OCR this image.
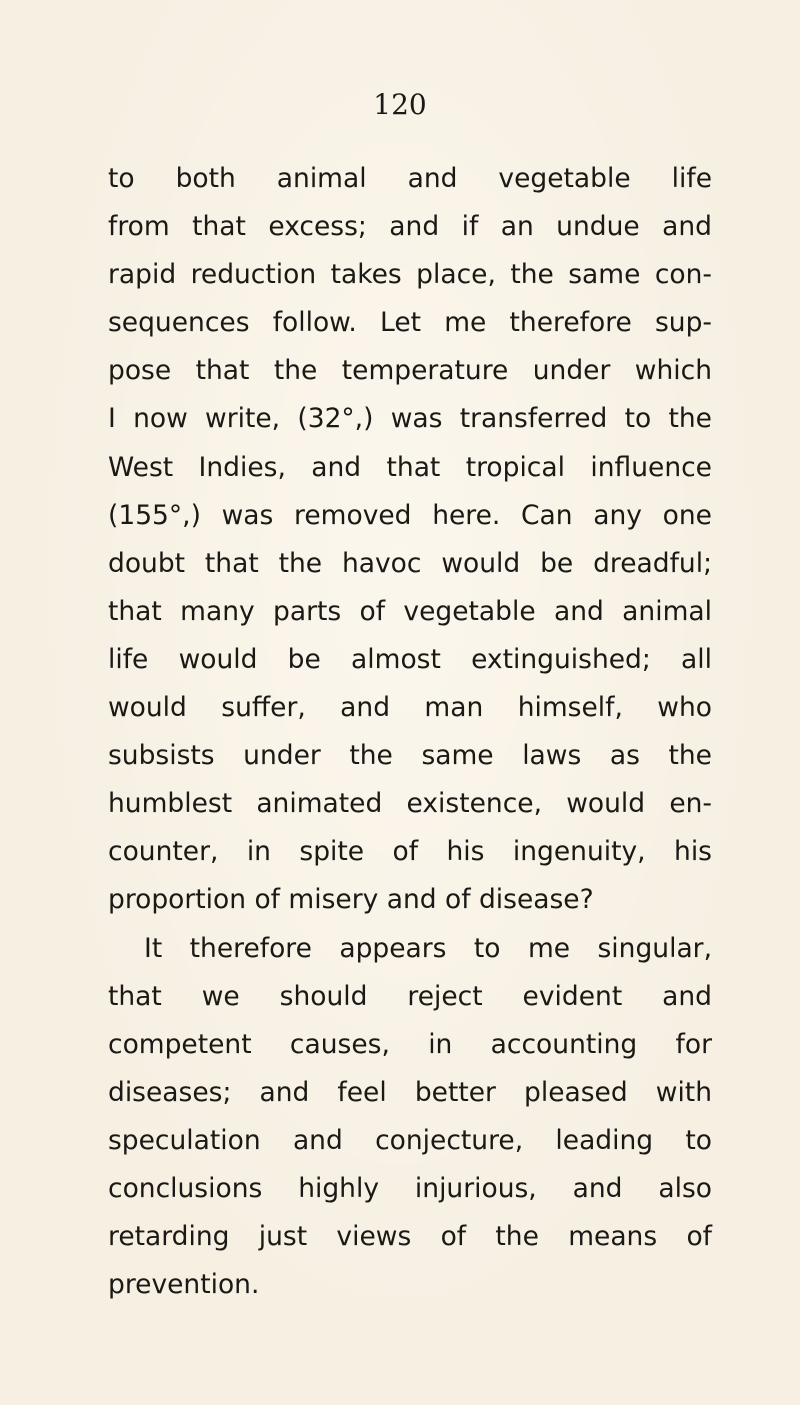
120
to both animal and vegetable life
from that excess; and if an undue and
rapid reduction takes place, the same con-
sequences follow. Let me therefore sup-
pose that the temperature under which
I now write, (32°,) was transferred to the
West Indies, and that tropical influence
(155°,) was removed here. Can any one
doubt that the havoc would be dreadful;
that many parts of vegetable and animal
life would be almost extinguished; all
would suffer, and man himself, who
subsists under the same laws as the
humblest animated existence, would en-
counter, in spite of his ingenuity, his
proportion of misery and of disease?
It therefore appears to me singular,
that we should reject evident and
competent causes, in accounting for
diseases; and feel better pleased with
speculation and conjecture, leading to
conclusions highly injurious, and also
retarding just views of the means of
prevention.
